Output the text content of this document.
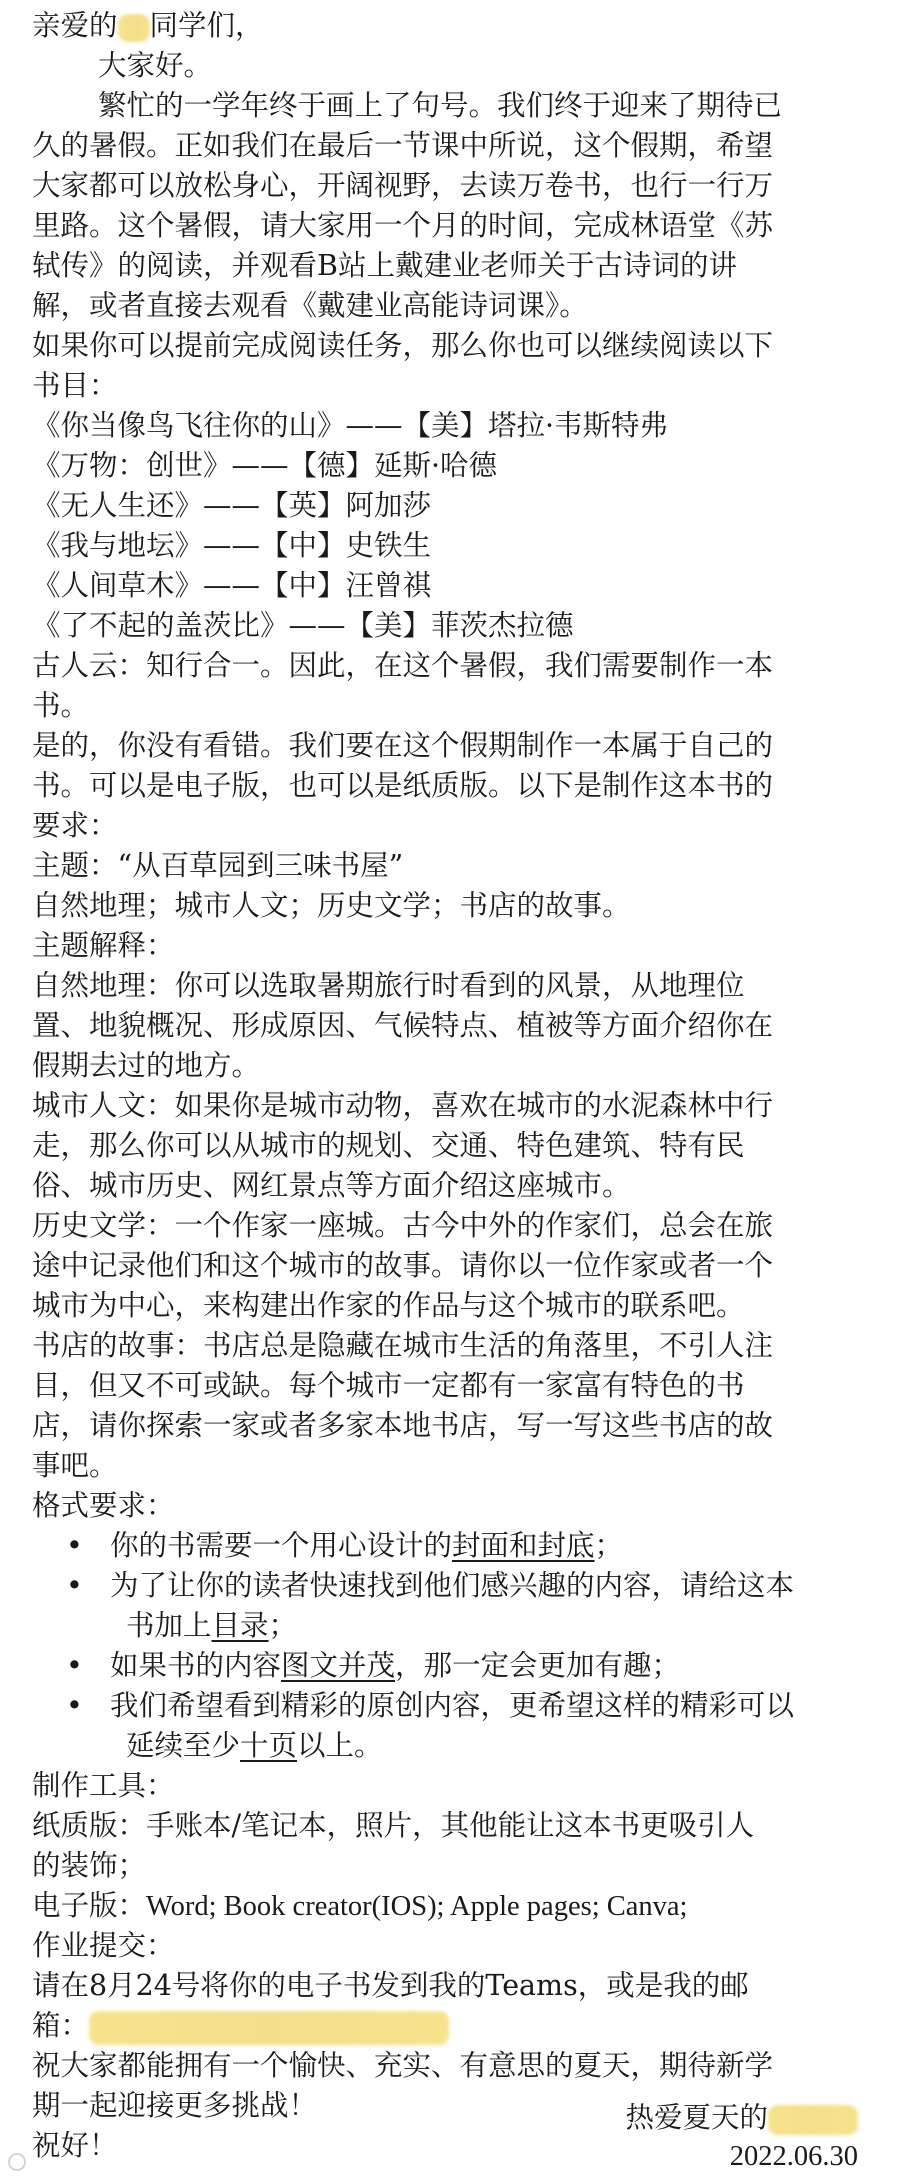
亲爱的 同学们，
大家好。
繁忙的一学年终于画上了句号。我们终于迎来了期待已
久的暑假。正如我们在最后一节课中所说，这个假期，希望
大家都可以放松身心，开阔视野，去读万卷书，也行一行万
里路。这个暑假，请大家用一个月的时间，完成林语堂《苏
轼传》的阅读，并观看B站上戴建业老师关于古诗词的讲
解，或者直接去观看《戴建业高能诗词课》。
如果你可以提前完成阅读任务，那么你也可以继续阅读以下
书目：
《你当像鸟飞往你的山》——【美】塔拉·韦斯特弗
《万物：创世》——【德】延斯·哈德
《无人生还》——【英】阿加莎
《我与地坛》——【中】史铁生
《人间草木》——【中】汪曾祺
《了不起的盖茨比》——【美】菲茨杰拉德
古人云：知行合一。因此，在这个暑假，我们需要制作一本
书。
是的，你没有看错。我们要在这个假期制作一本属于自己的
书。可以是电子版，也可以是纸质版。以下是制作这本书的
要求：
主题：“从百草园到三味书屋”
自然地理；城市人文；历史文学；书店的故事。
主题解释：
自然地理：你可以选取暑期旅行时看到的风景，从地理位
置、地貌概况、形成原因、气候特点、植被等方面介绍你在
假期去过的地方。
城市人文：如果你是城市动物，喜欢在城市的水泥森林中行
走，那么你可以从城市的规划、交通、特色建筑、特有民
俗、城市历史、网红景点等方面介绍这座城市。
历史文学：一个作家一座城。古今中外的作家们，总会在旅
途中记录他们和这个城市的故事。请你以一位作家或者一个
城市为中心，来构建出作家的作品与这个城市的联系吧。
书店的故事：书店总是隐藏在城市生活的角落里，不引人注
目，但又不可或缺。每个城市一定都有一家富有特色的书
店，请你探索一家或者多家本地书店，写一写这些书店的故
事吧。
格式要求：
• 你的书需要一个用心设计的封面和封底；
• 为了让你的读者快速找到他们感兴趣的内容，请给这本
书加上目录；
• 如果书的内容图文并茂，那一定会更加有趣；
• 我们希望看到精彩的原创内容，更希望这样的精彩可以
延续至少十页以上。
制作工具：
纸质版：手账本/笔记本，照片，其他能让这本书更吸引人
的装饰；
电子版：Word; Book creator(IOS); Apple pages; Canva;
作业提交：
请在8月24号将你的电子书发到我的Teams，或是我的邮
箱：
祝大家都能拥有一个愉快、充实、有意思的夏天，期待新学
期一起迎接更多挑战！
祝好！
热爱夏天的
2022.06.30
